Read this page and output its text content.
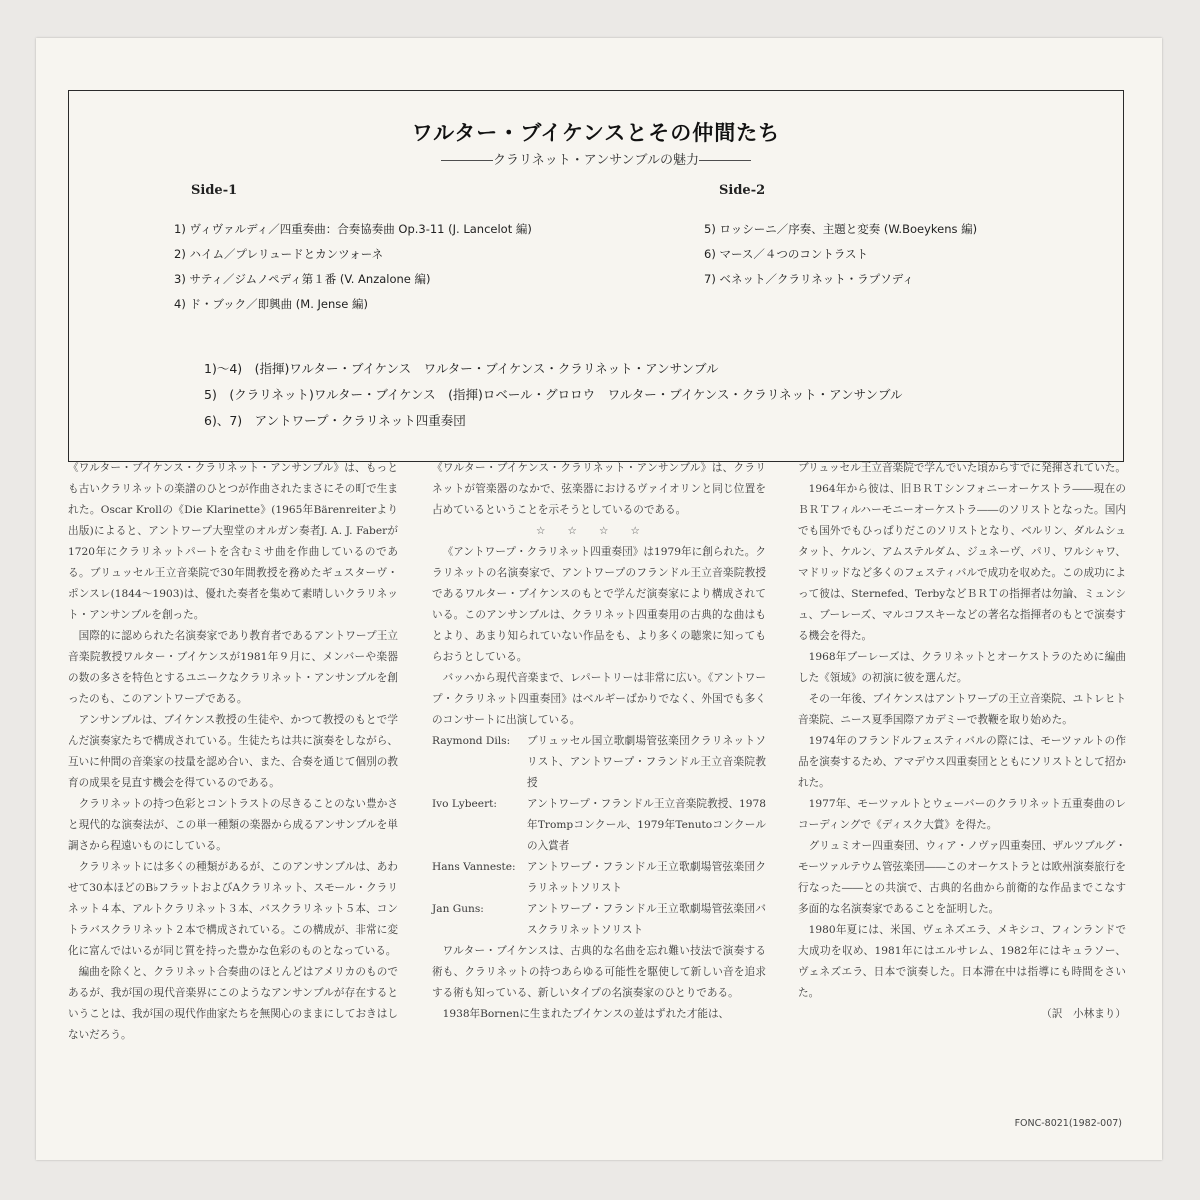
ワルター・ブイケンスとその仲間たち
――――クラリネット・アンサンブルの魅力――――
Side-1	Side-2
1) ヴィヴァルディ／四重奏曲：合奏協奏曲 Op.3-11 (J. Lancelot 編)
2) ハイム／プレリュードとカンツォーネ
3) サティ／ジムノペディ第１番 (V. Anzalone 編)
4) ド・ブック／即興曲 (M. Jense 編)
5) ロッシーニ／序奏、主題と変奏 (W.Boeykens 編)
6) マース／４つのコントラスト
7) ベネット／クラリネット・ラプソディ
1)～4)　(指揮)ワルター・ブイケンス　ワルター・ブイケンス・クラリネット・アンサンブル
5)　(クラリネット)ワルター・ブイケンス　(指揮)ロベール・グロロウ　ワルター・ブイケンス・クラリネット・アンサンブル
6)、7)　アントワープ・クラリネット四重奏団

《ワルター・ブイケンス・クラリネット・アンサンブル》は、もっとも古いクラリネットの楽譜のひとつが作曲されたまさにその町で生まれた。Oscar Krollの《Die Klarinette》(1965年Bärenreiterより出版)によると、アントワープ大聖堂のオルガン奏者J. A. J. Faberが1720年にクラリネットパートを含むミサ曲を作曲しているのである。ブリュッセル王立音楽院で30年間教授を務めたギュスターヴ・ポンスレ(1844～1903)は、優れた奏者を集めて素晴しいクラリネット・アンサンブルを創った。

国際的に認められた名演奏家であり教育者であるアントワープ王立音楽院教授ワルター・ブイケンスが1981年９月に、メンバーや楽器の数の多さを特色とするユニークなクラリネット・アンサンブルを創ったのも、このアントワープである。

アンサンブルは、ブイケンス教授の生徒や、かつて教授のもとで学んだ演奏家たちで構成されている。生徒たちは共に演奏をしながら、互いに仲間の音楽家の技量を認め合い、また、合奏を通じて個別の教育の成果を見直す機会を得ているのである。

クラリネットの持つ色彩とコントラストの尽きることのない豊かさと現代的な演奏法が、この単一種類の楽器から成るアンサンブルを単調さから程遠いものにしている。

クラリネットには多くの種類があるが、このアンサンブルは、あわせて30本ほどのB♭フラットおよびAクラリネット、スモール・クラリネット４本、アルトクラリネット３本、バスクラリネット５本、コントラバスクラリネット２本で構成されている。この構成が、非常に変化に富んではいるが同じ質を持った豊かな色彩のものとなっている。

編曲を除くと、クラリネット合奏曲のほとんどはアメリカのものであるが、我が国の現代音楽界にこのようなアンサンブルが存在するということは、我が国の現代作曲家たちを無関心のままにしておきはしないだろう。

《ワルター・ブイケンス・クラリネット・アンサンブル》は、クラリネットが管楽器のなかで、弦楽器におけるヴァイオリンと同じ位置を占めているということを示そうとしているのである。

☆☆☆☆

《アントワープ・クラリネット四重奏団》は1979年に創られた。クラリネットの名演奏家で、アントワープのフランドル王立音楽院教授であるワルター・ブイケンスのもとで学んだ演奏家により構成されている。このアンサンブルは、クラリネット四重奏用の古典的な曲はもとより、あまり知られていない作品をも、より多くの聴衆に知ってもらおうとしている。

バッハから現代音楽まで、レパートリーは非常に広い。《アントワープ・クラリネット四重奏団》はベルギーばかりでなく、外国でも多くのコンサートに出演している。

Raymond Dils:	ブリュッセル国立歌劇場管弦楽団クラリネットソリスト、アントワープ・フランドル王立音楽院教授
Ivo Lybeert:	アントワープ・フランドル王立音楽院教授、1978年Trompコンクール、1979年Tenutoコンクールの入賞者
Hans Vanneste:	アントワープ・フランドル王立歌劇場管弦楽団クラリネットソリスト
Jan Guns:	アントワープ・フランドル王立歌劇場管弦楽団バスクラリネットソリスト

ワルター・ブイケンスは、古典的な名曲を忘れ難い技法で演奏する術も、クラリネットの持つあらゆる可能性を駆使して新しい音を追求する術も知っている、新しいタイプの名演奏家のひとりである。

1938年Bornenに生まれたブイケンスの並はずれた才能は、

ブリュッセル王立音楽院で学んでいた頃からすでに発揮されていた。

1964年から彼は、旧ＢＲＴシンフォニーオーケストラ――現在のＢＲＴフィルハーモニーオーケストラ――のソリストとなった。国内でも国外でもひっぱりだこのソリストとなり、ベルリン、ダルムシュタット、ケルン、アムステルダム、ジュネーヴ、パリ、ワルシャワ、マドリッドなど多くのフェスティバルで成功を収めた。この成功によって彼は、Sternefed、TerbyなどＢＲＴの指揮者は勿論、ミュンシュ、ブーレーズ、マルコフスキーなどの著名な指揮者のもとで演奏する機会を得た。

1968年ブーレーズは、クラリネットとオーケストラのために編曲した《領域》の初演に彼を選んだ。

その一年後、ブイケンスはアントワープの王立音楽院、ユトレヒト音楽院、ニース夏季国際アカデミーで教鞭を取り始めた。

1974年のフランドルフェスティバルの際には、モーツァルトの作品を演奏するため、アマデウス四重奏団とともにソリストとして招かれた。

1977年、モーツァルトとウェーバーのクラリネット五重奏曲のレコーディングで《ディスク大賞》を得た。

グリュミオー四重奏団、ウィア・ノヴァ四重奏団、ザルツブルグ・モーツァルテウム管弦楽団――このオーケストラとは欧州演奏旅行を行なった――との共演で、古典的名曲から前衛的な作品までこなす多面的な名演奏家であることを証明した。

1980年夏には、米国、ヴェネズエラ、メキシコ、フィンランドで大成功を収め、1981年にはエルサレム、1982年にはキュラソー、ヴェネズエラ、日本で演奏した。日本滞在中は指導にも時間をさいた。

（訳　小林まり）
FONC-8021(1982-007)
